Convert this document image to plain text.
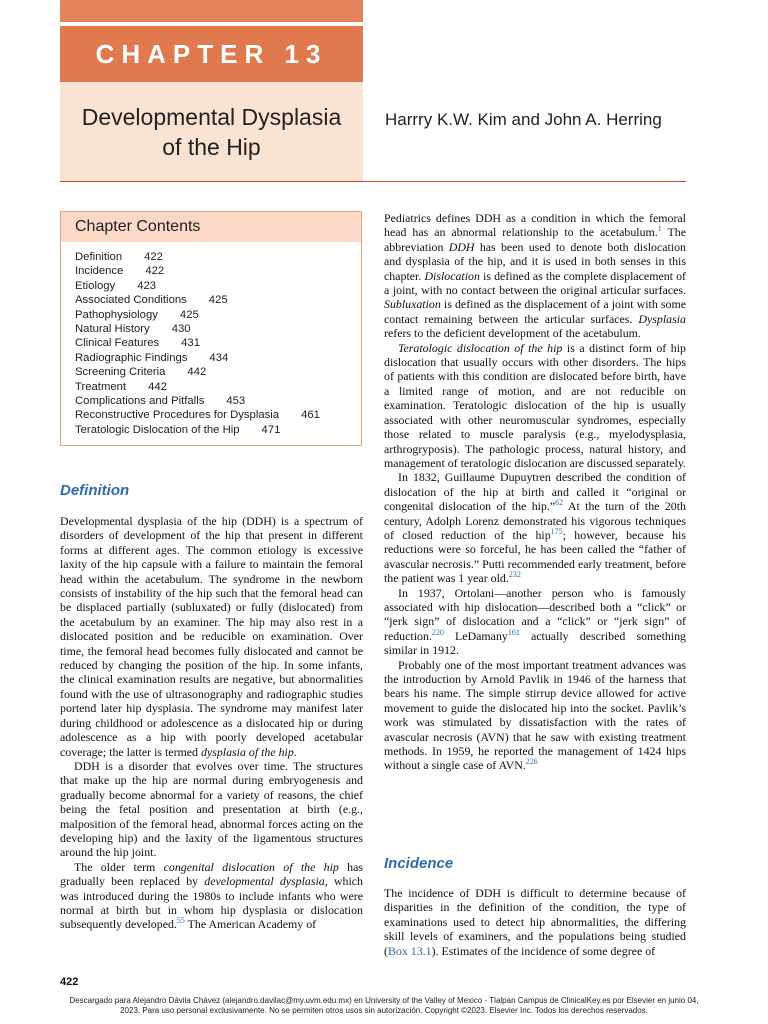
CHAPTER 13
Developmental Dysplasia
of the Hip
Harrry K.W. Kim and John A. Herring
Chapter Contents
Definition 422
Incidence 422
Etiology 423
Associated Conditions 425
Pathophysiology 425
Natural History 430
Clinical Features 431
Radiographic Findings 434
Screening Criteria 442
Treatment 442
Complications and Pitfalls 453
Reconstructive Procedures for Dysplasia 461
Teratologic Dislocation of the Hip 471
Definition

Developmental dysplasia of the hip (DDH) is a spectrum of disorders of development of the hip that present in different forms at different ages. The common etiology is excessive laxity of the hip capsule with a failure to maintain the femoral head within the acetabulum. The syndrome in the newborn consists of instability of the hip such that the femoral head can be displaced partially (subluxated) or fully (dislocated) from the acetabulum by an examiner. The hip may also rest in a dislocated position and be reducible on examination. Over time, the femoral head becomes fully dislocated and cannot be reduced by changing the position of the hip. In some infants, the clinical examination results are negative, but abnormalities found with the use of ultrasonography and radiographic studies portend later hip dysplasia. The syndrome may manifest later during childhood or adolescence as a dislocated hip or during adolescence as a hip with poorly developed acetabular coverage; the latter is termed dysplasia of the hip.

DDH is a disorder that evolves over time. The structures that make up the hip are normal during embryogenesis and gradually become abnormal for a variety of reasons, the chief being the fetal position and presentation at birth (e.g., malposition of the femoral head, abnormal forces acting on the developing hip) and the laxity of the ligamentous structures around the hip joint.

The older term congenital dislocation of the hip has gradually been replaced by developmental dysplasia, which was introduced during the 1980s to include infants who were normal at birth but in whom hip dysplasia or dislocation subsequently developed.$^{55}$ The American Academy of

Pediatrics defines DDH as a condition in which the femoral head has an abnormal relationship to the acetabulum.$^1$ The abbreviation DDH has been used to denote both dislocation and dysplasia of the hip, and it is used in both senses in this chapter. Dislocation is defined as the complete displacement of a joint, with no contact between the original articular surfaces. Subluxation is defined as the displacement of a joint with some contact remaining between the articular surfaces. Dysplasia refers to the deficient development of the acetabulum.

Teratologic dislocation of the hip is a distinct form of hip dislocation that usually occurs with other disorders. The hips of patients with this condition are dislocated before birth, have a limited range of motion, and are not reducible on examination. Teratologic dislocation of the hip is usually associated with other neuromuscular syndromes, especially those related to muscle paralysis (e.g., myelodysplasia, arthrogryposis). The pathologic process, natural history, and management of teratologic dislocation are discussed separately.

In 1832, Guillaume Dupuytren described the condition of dislocation of the hip at birth and called it “original or congenital dislocation of the hip.”$^{62}$ At the turn of the 20th century, Adolph Lorenz demonstrated his vigorous techniques of closed reduction of the hip$^{175}$; however, because his reductions were so forceful, he has been called the “father of avascular necrosis.” Putti recommended early treatment, before the patient was 1 year old.$^{232}$

In 1937, Ortolani—another person who is famously associated with hip dislocation—described both a “click” or “jerk sign” of dislocation and a “click” or “jerk sign” of reduction.$^{220}$ LeDamany$^{161}$ actually described something similar in 1912.

Probably one of the most important treatment advances was the introduction by Arnold Pavlik in 1946 of the harness that bears his name. The simple stirrup device allowed for active movement to guide the dislocated hip into the socket. Pavlik’s work was stimulated by dissatisfaction with the rates of avascular necrosis (AVN) that he saw with existing treatment methods. In 1959, he reported the management of 1424 hips without a single case of AVN.$^{226}$

Incidence

The incidence of DDH is difficult to determine because of disparities in the definition of the condition, the type of examinations used to detect hip abnormalities, the differing skill levels of examiners, and the populations being studied (Box 13.1). Estimates of the incidence of some degree of

422
Descargado para Alejandro Dávila Chávez (alejandro.davilac@my.uvm.edu.mx) en University of the Valley of Mexico - Tlalpan Campus de ClinicalKey.es por Elsevier en junio 04, 2023. Para uso personal exclusivamente. No se permiten otros usos sin autorización. Copyright ©2023. Elsevier Inc. Todos los derechos reservados.
